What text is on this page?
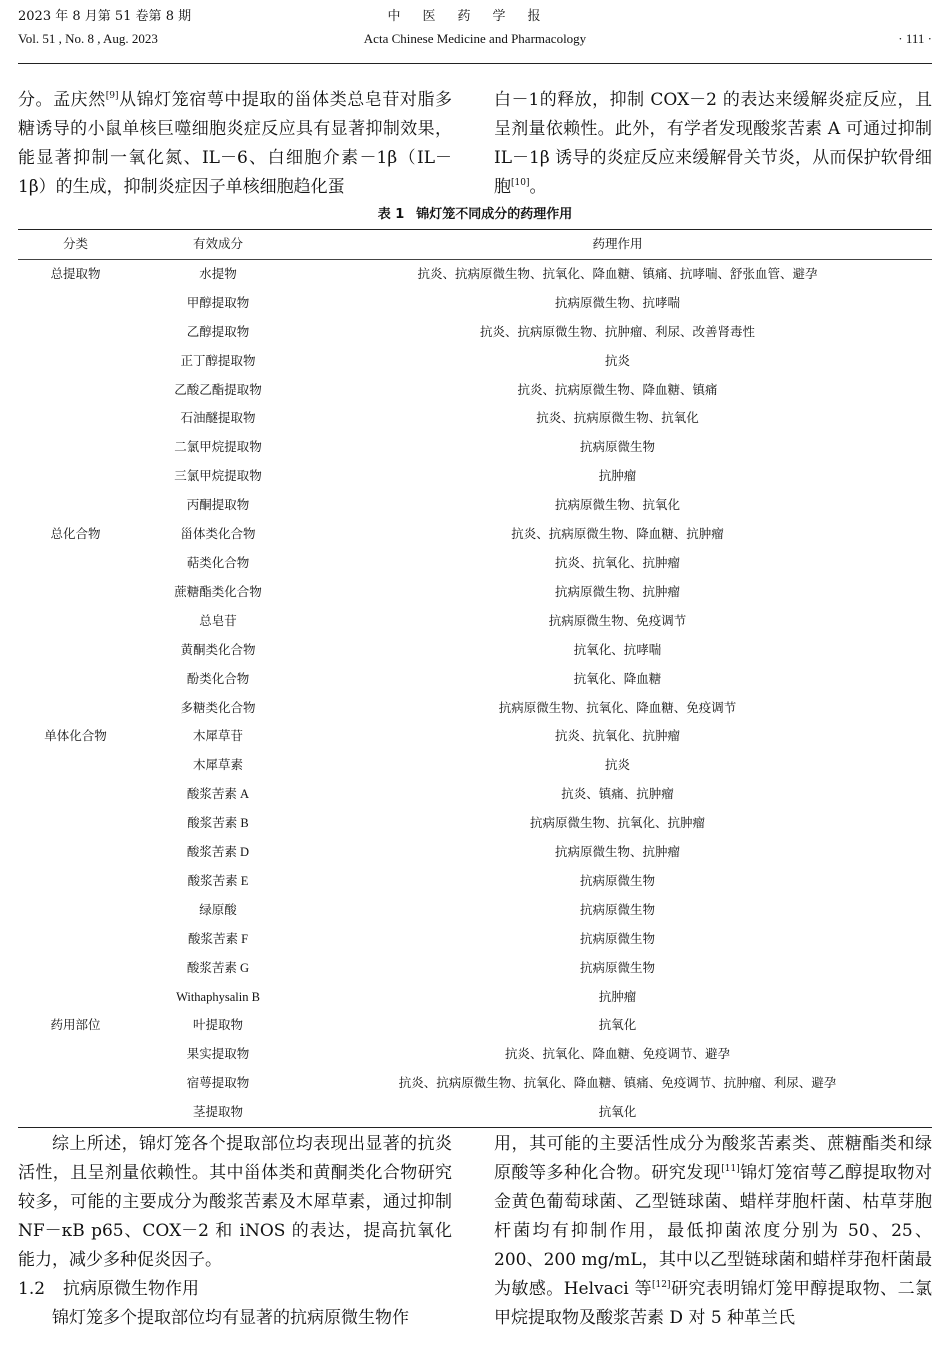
2023 年 8 月第 51 卷第 8 期
Vol. 51 , No. 8 , Aug. 2023
中医药学报
Acta Chinese Medicine and Pharmacology	· 111 ·

分。孟庆然[9]从锦灯笼宿萼中提取的甾体类总皂苷对脂多糖诱导的小鼠单核巨噬细胞炎症反应具有显著抑制效果，能显著抑制一氧化氮、IL－6、白细胞介素－1β（IL－1β）的生成，抑制炎症因子单核细胞趋化蛋

白－1的释放，抑制 COX－2 的表达来缓解炎症反应，且呈剂量依赖性。此外，有学者发现酸浆苦素 A 可通过抑制 IL－1β 诱导的炎症反应来缓解骨关节炎，从而保护软骨细胞[10]。

表 1 锦灯笼不同成分的药理作用
分类	有效成分	药理作用
总提取物	水提物	抗炎、抗病原微生物、抗氧化、降血糖、镇痛、抗哮喘、舒张血管、避孕
	甲醇提取物	抗病原微生物、抗哮喘
	乙醇提取物	抗炎、抗病原微生物、抗肿瘤、利尿、改善肾毒性
	正丁醇提取物	抗炎
	乙酸乙酯提取物	抗炎、抗病原微生物、降血糖、镇痛
	石油醚提取物	抗炎、抗病原微生物、抗氧化
	二氯甲烷提取物	抗病原微生物
	三氯甲烷提取物	抗肿瘤
	丙酮提取物	抗病原微生物、抗氧化
总化合物	甾体类化合物	抗炎、抗病原微生物、降血糖、抗肿瘤
	萜类化合物	抗炎、抗氧化、抗肿瘤
	蔗糖酯类化合物	抗病原微生物、抗肿瘤
	总皂苷	抗病原微生物、免疫调节
	黄酮类化合物	抗氧化、抗哮喘
	酚类化合物	抗氧化、降血糖
	多糖类化合物	抗病原微生物、抗氧化、降血糖、免疫调节
单体化合物	木犀草苷	抗炎、抗氧化、抗肿瘤
	木犀草素	抗炎
	酸浆苦素 A	抗炎、镇痛、抗肿瘤
	酸浆苦素 B	抗病原微生物、抗氧化、抗肿瘤
	酸浆苦素 D	抗病原微生物、抗肿瘤
	酸浆苦素 E	抗病原微生物
	绿原酸	抗病原微生物
	酸浆苦素 F	抗病原微生物
	酸浆苦素 G	抗病原微生物
	Withaphysalin B	抗肿瘤
药用部位	叶提取物	抗氧化
	果实提取物	抗炎、抗氧化、降血糖、免疫调节、避孕
	宿萼提取物	抗炎、抗病原微生物、抗氧化、降血糖、镇痛、免疫调节、抗肿瘤、利尿、避孕
	茎提取物	抗氧化

综上所述，锦灯笼各个提取部位均表现出显著的抗炎活性，且呈剂量依赖性。其中甾体类和黄酮类化合物研究较多，可能的主要成分为酸浆苦素及木犀草素，通过抑制 NF－κB p65、COX－2 和 iNOS 的表达，提高抗氧化能力，减少多种促炎因子。

1.2 抗病原微生物作用

锦灯笼多个提取部位均有显著的抗病原微生物作

用，其可能的主要活性成分为酸浆苦素类、蔗糖酯类和绿原酸等多种化合物。研究发现[11]锦灯笼宿萼乙醇提取物对金黄色葡萄球菌、乙型链球菌、蜡样芽胞杆菌、枯草芽胞杆菌均有抑制作用，最低抑菌浓度分别为 50、25、200、200 mg/mL，其中以乙型链球菌和蜡样芽孢杆菌最为敏感。Helvaci 等[12]研究表明锦灯笼甲醇提取物、二氯甲烷提取物及酸浆苦素 D 对 5 种革兰氏
